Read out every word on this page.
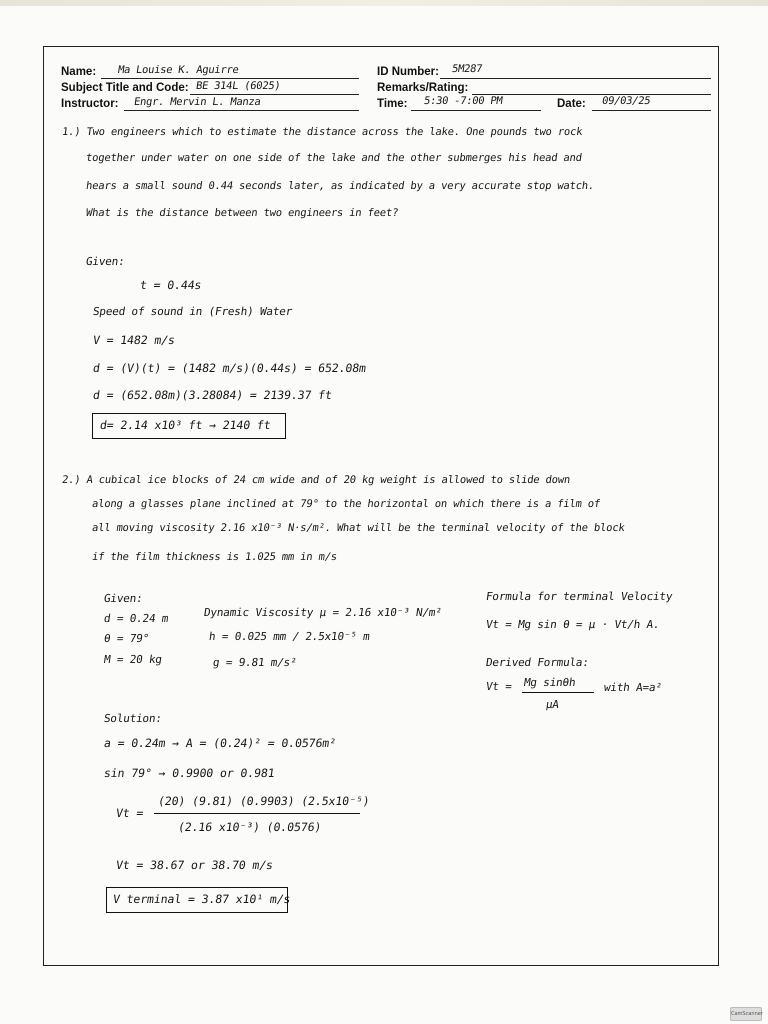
Name: Ma Louise K. Aguirre
Subject Title and Code: BE 314L (6025)
Instructor: Engr. Mervin L. Manza
ID Number: 5M287
Remarks/Rating:
Time: 5:30 -7:00 PM	Date: 09/03/25
1.) Two engineers which to estimate the distance across the lake. One pounds two rock
together under water on one side of the lake and the other submerges his head and
hears a small sound 0.44 seconds later, as indicated by a very accurate stop watch.
What is the distance between two engineers in feet?
Given:
t = 0.44s
Speed of sound in (Fresh) Water
V = 1482 m/s
d = (V)(t) = (1482 m/s)(0.44s) = 652.08m
d = (652.08m)(3.28084) = 2139.37 ft
d= 2.14 x10³ ft → 2140 ft
2.) A cubical ice blocks of 24 cm wide and of 20 kg weight is allowed to slide down
along a glasses plane inclined at 79° to the horizontal on which there is a film of
all moving viscosity 2.16 x10⁻³ N·s/m². What will be the terminal velocity of the block
if the film thickness is 1.025 mm in m/s
Given:
d = 0.24 m
θ = 79°
M = 20 kg
Dynamic Viscosity μ = 2.16 x10⁻³ N/m²
h = 0.025 mm / 2.5x10⁻⁵ m
g = 9.81 m/s²
Formula for terminal Velocity
Vt = Mg sin θ = μ · Vt/h A.
Derived Formula:
Vt = Mg sinθh
μA
with A=a²
Solution:
a = 0.24m → A = (0.24)² = 0.0576m²
sin 79° → 0.9900 or 0.981
Vt =
(20) (9.81) (0.9903) (2.5x10⁻⁵)
(2.16 x10⁻³) (0.0576)
Vt = 38.67 or 38.70 m/s
V terminal = 3.87 x10¹ m/s
CamScanner
